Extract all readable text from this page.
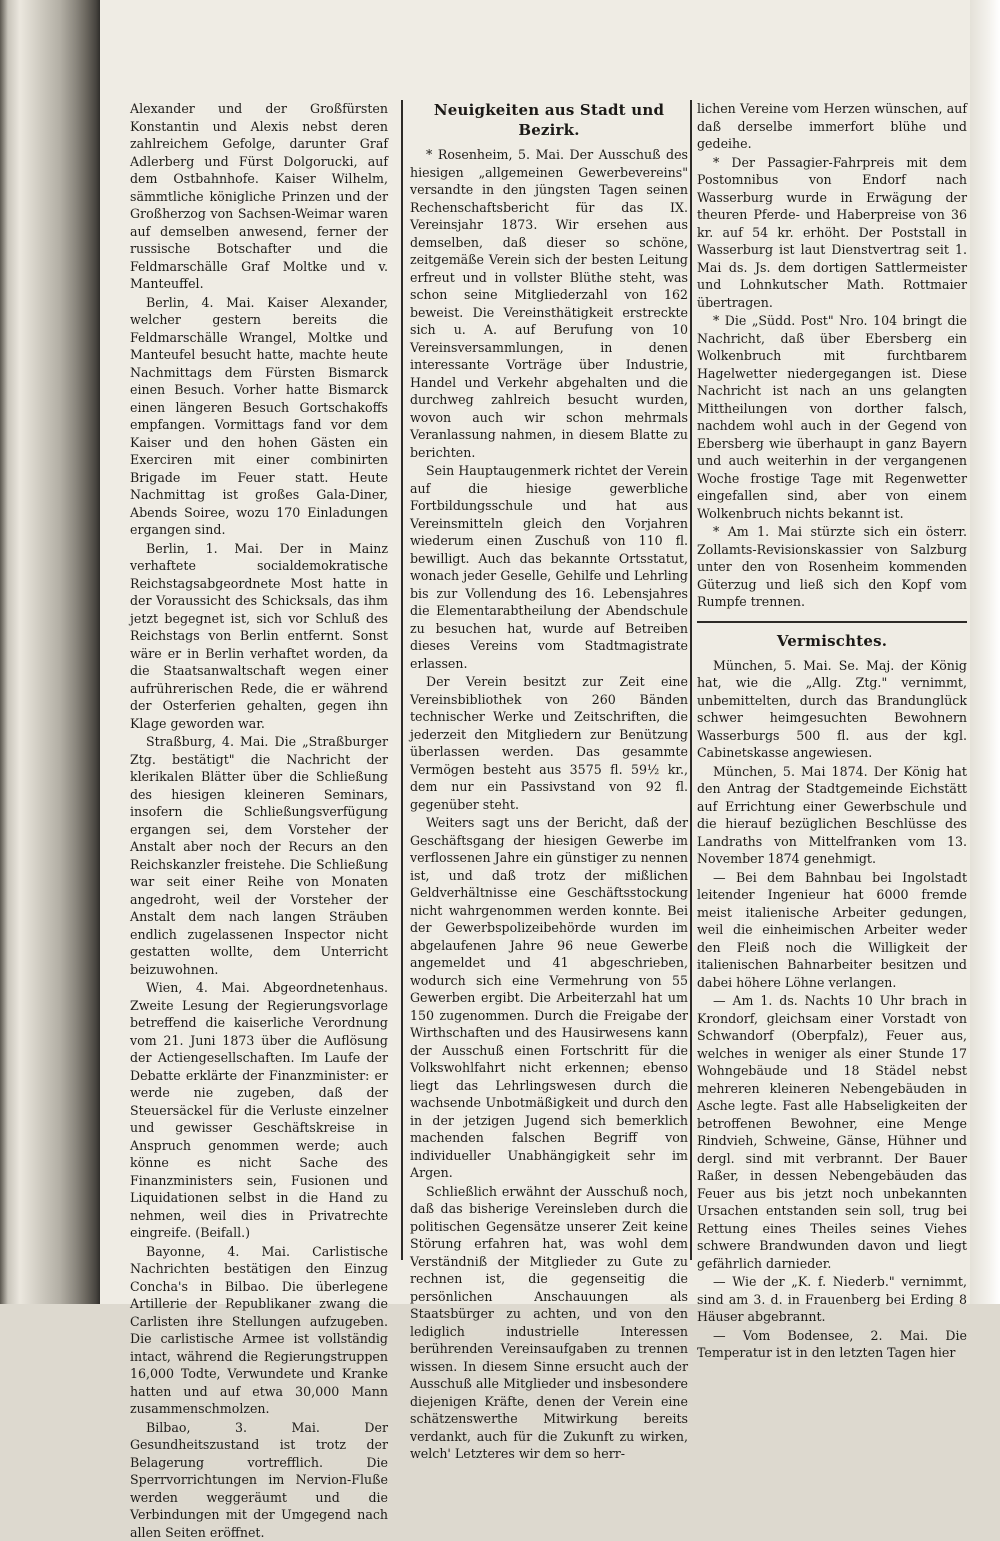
Alexander und der Großfürsten Konstantin und Alexis nebst deren zahlreichem Gefolge, darunter Graf Adlerberg und Fürst Dolgorucki, auf dem Ostbahnhofe. Kaiser Wilhelm, sämmtliche königliche Prinzen und der Großherzog von Sachsen-Weimar waren auf demselben anwesend, ferner der russische Botschafter und die Feldmarschälle Graf Moltke und v. Manteuffel.

Berlin, 4. Mai. Kaiser Alexander, welcher gestern bereits die Feldmarschälle Wrangel, Moltke und Manteufel besucht hatte, machte heute Nachmittags dem Fürsten Bismarck einen Besuch. Vorher hatte Bismarck einen längeren Besuch Gortschakoffs empfangen. Vormittags fand vor dem Kaiser und den hohen Gästen ein Exerciren mit einer combinirten Brigade im Feuer statt. Heute Nachmittag ist großes Gala-Diner, Abends Soiree, wozu 170 Einladungen ergangen sind.

Berlin, 1. Mai. Der in Mainz verhaftete socialdemokratische Reichstagsabgeordnete Most hatte in der Voraussicht des Schicksals, das ihm jetzt begegnet ist, sich vor Schluß des Reichstags von Berlin entfernt. Sonst wäre er in Berlin verhaftet worden, da die Staatsanwaltschaft wegen einer aufrührerischen Rede, die er während der Osterferien gehalten, gegen ihn Klage geworden war.

Straßburg, 4. Mai. Die „Straßburger Ztg. bestätigt" die Nachricht der klerikalen Blätter über die Schließung des hiesigen kleineren Seminars, insofern die Schließungsverfügung ergangen sei, dem Vorsteher der Anstalt aber noch der Recurs an den Reichskanzler freistehe. Die Schließung war seit einer Reihe von Monaten angedroht, weil der Vorsteher der Anstalt dem nach langen Sträuben endlich zugelassenen Inspector nicht gestatten wollte, dem Unterricht beizuwohnen.

Wien, 4. Mai. Abgeordnetenhaus. Zweite Lesung der Regierungsvorlage betreffend die kaiserliche Verordnung vom 21. Juni 1873 über die Auflösung der Actiengesellschaften. Im Laufe der Debatte erklärte der Finanzminister: er werde nie zugeben, daß der Steuersäckel für die Verluste einzelner und gewisser Geschäftskreise in Anspruch genommen werde; auch könne es nicht Sache des Finanzministers sein, Fusionen und Liquidationen selbst in die Hand zu nehmen, weil dies in Privatrechte eingreife. (Beifall.)

Bayonne, 4. Mai. Carlistische Nachrichten bestätigen den Einzug Concha's in Bilbao. Die überlegene Artillerie der Republikaner zwang die Carlisten ihre Stellungen aufzugeben. Die carlistische Armee ist vollständig intact, während die Regierungstruppen 16,000 Todte, Verwundete und Kranke hatten und auf etwa 30,000 Mann zusammenschmolzen.

Bilbao, 3. Mai. Der Gesundheitszustand ist trotz der Belagerung vortrefflich. Die Sperrvorrichtungen im Nervion-Fluße werden weggeräumt und die Verbindungen mit der Umgegend nach allen Seiten eröffnet.

Neuigkeiten aus Stadt und Bezirk.

* Rosenheim, 5. Mai. Der Ausschuß des hiesigen „allgemeinen Gewerbevereins" versandte in den jüngsten Tagen seinen Rechenschaftsbericht für das IX. Vereinsjahr 1873. Wir ersehen aus demselben, daß dieser so schöne, zeitgemäße Verein sich der besten Leitung erfreut und in vollster Blüthe steht, was schon seine Mitgliederzahl von 162 beweist. Die Vereinsthätigkeit erstreckte sich u. A. auf Berufung von 10 Vereinsversammlungen, in denen interessante Vorträge über Industrie, Handel und Verkehr abgehalten und die durchweg zahlreich besucht wurden, wovon auch wir schon mehrmals Veranlassung nahmen, in diesem Blatte zu berichten.

Sein Hauptaugenmerk richtet der Verein auf die hiesige gewerbliche Fortbildungsschule und hat aus Vereinsmitteln gleich den Vorjahren wiederum einen Zuschuß von 110 fl. bewilligt. Auch das bekannte Ortsstatut, wonach jeder Geselle, Gehilfe und Lehrling bis zur Vollendung des 16. Lebensjahres die Elementarabtheilung der Abendschule zu besuchen hat, wurde auf Betreiben dieses Vereins vom Stadtmagistrate erlassen.

Der Verein besitzt zur Zeit eine Vereinsbibliothek von 260 Bänden technischer Werke und Zeitschriften, die jederzeit den Mitgliedern zur Benützung überlassen werden. Das gesammte Vermögen besteht aus 3575 fl. 59½ kr., dem nur ein Passivstand von 92 fl. gegenüber steht.

Weiters sagt uns der Bericht, daß der Geschäftsgang der hiesigen Gewerbe im verflossenen Jahre ein günstiger zu nennen ist, und daß trotz der mißlichen Geldverhältnisse eine Geschäftsstockung nicht wahrgenommen werden konnte. Bei der Gewerbspolizeibehörde wurden im abgelaufenen Jahre 96 neue Gewerbe angemeldet und 41 abgeschrieben, wodurch sich eine Vermehrung von 55 Gewerben ergibt. Die Arbeiterzahl hat um 150 zugenommen. Durch die Freigabe der Wirthschaften und des Hausirwesens kann der Ausschuß einen Fortschritt für die Volkswohlfahrt nicht erkennen; ebenso liegt das Lehrlingswesen durch die wachsende Unbotmäßigkeit und durch den in der jetzigen Jugend sich bemerklich machenden falschen Begriff von individueller Unabhängigkeit sehr im Argen.

Schließlich erwähnt der Ausschuß noch, daß das bisherige Vereinsleben durch die politischen Gegensätze unserer Zeit keine Störung erfahren hat, was wohl dem Verständniß der Mitglieder zu Gute zu rechnen ist, die gegenseitig die persönlichen Anschauungen als Staatsbürger zu achten, und von den lediglich industrielle Interessen berührenden Vereinsaufgaben zu trennen wissen. In diesem Sinne ersucht auch der Ausschuß alle Mitglieder und insbesondere diejenigen Kräfte, denen der Verein eine schätzenswerthe Mitwirkung bereits verdankt, auch für die Zukunft zu wirken, welch' Letzteres wir dem so herr-

lichen Vereine vom Herzen wünschen, auf daß derselbe immerfort blühe und gedeihe.

* Der Passagier-Fahrpreis mit dem Postomnibus von Endorf nach Wasserburg wurde in Erwägung der theuren Pferde- und Haberpreise von 36 kr. auf 54 kr. erhöht. Der Poststall in Wasserburg ist laut Dienstvertrag seit 1. Mai ds. Js. dem dortigen Sattlermeister und Lohnkutscher Math. Rottmaier übertragen.

* Die „Südd. Post" Nro. 104 bringt die Nachricht, daß über Ebersberg ein Wolkenbruch mit furchtbarem Hagelwetter niedergegangen ist. Diese Nachricht ist nach an uns gelangten Mittheilungen von dorther falsch, nachdem wohl auch in der Gegend von Ebersberg wie überhaupt in ganz Bayern und auch weiterhin in der vergangenen Woche frostige Tage mit Regenwetter eingefallen sind, aber von einem Wolkenbruch nichts bekannt ist.

* Am 1. Mai stürzte sich ein österr. Zollamts-Revisionskassier von Salzburg unter den von Rosenheim kommenden Güterzug und ließ sich den Kopf vom Rumpfe trennen.

Vermischtes.

München, 5. Mai. Se. Maj. der König hat, wie die „Allg. Ztg." vernimmt, unbemittelten, durch das Brandunglück schwer heimgesuchten Bewohnern Wasserburgs 500 fl. aus der kgl. Cabinetskasse angewiesen.

München, 5. Mai 1874. Der König hat den Antrag der Stadtgemeinde Eichstätt auf Errichtung einer Gewerbschule und die hierauf bezüglichen Beschlüsse des Landraths von Mittelfranken vom 13. November 1874 genehmigt.

— Bei dem Bahnbau bei Ingolstadt leitender Ingenieur hat 6000 fremde meist italienische Arbeiter gedungen, weil die einheimischen Arbeiter weder den Fleiß noch die Willigkeit der italienischen Bahnarbeiter besitzen und dabei höhere Löhne verlangen.

— Am 1. ds. Nachts 10 Uhr brach in Krondorf, gleichsam einer Vorstadt von Schwandorf (Oberpfalz), Feuer aus, welches in weniger als einer Stunde 17 Wohngebäude und 18 Städel nebst mehreren kleineren Nebengebäuden in Asche legte. Fast alle Habseligkeiten der betroffenen Bewohner, eine Menge Rindvieh, Schweine, Gänse, Hühner und dergl. sind mit verbrannt. Der Bauer Raßer, in dessen Nebengebäuden das Feuer aus bis jetzt noch unbekannten Ursachen entstanden sein soll, trug bei Rettung eines Theiles seines Viehes schwere Brandwunden davon und liegt gefährlich darnieder.

— Wie der „K. f. Niederb." vernimmt, sind am 3. d. in Frauenberg bei Erding 8 Häuser abgebrannt.

— Vom Bodensee, 2. Mai. Die Temperatur ist in den letzten Tagen hier
